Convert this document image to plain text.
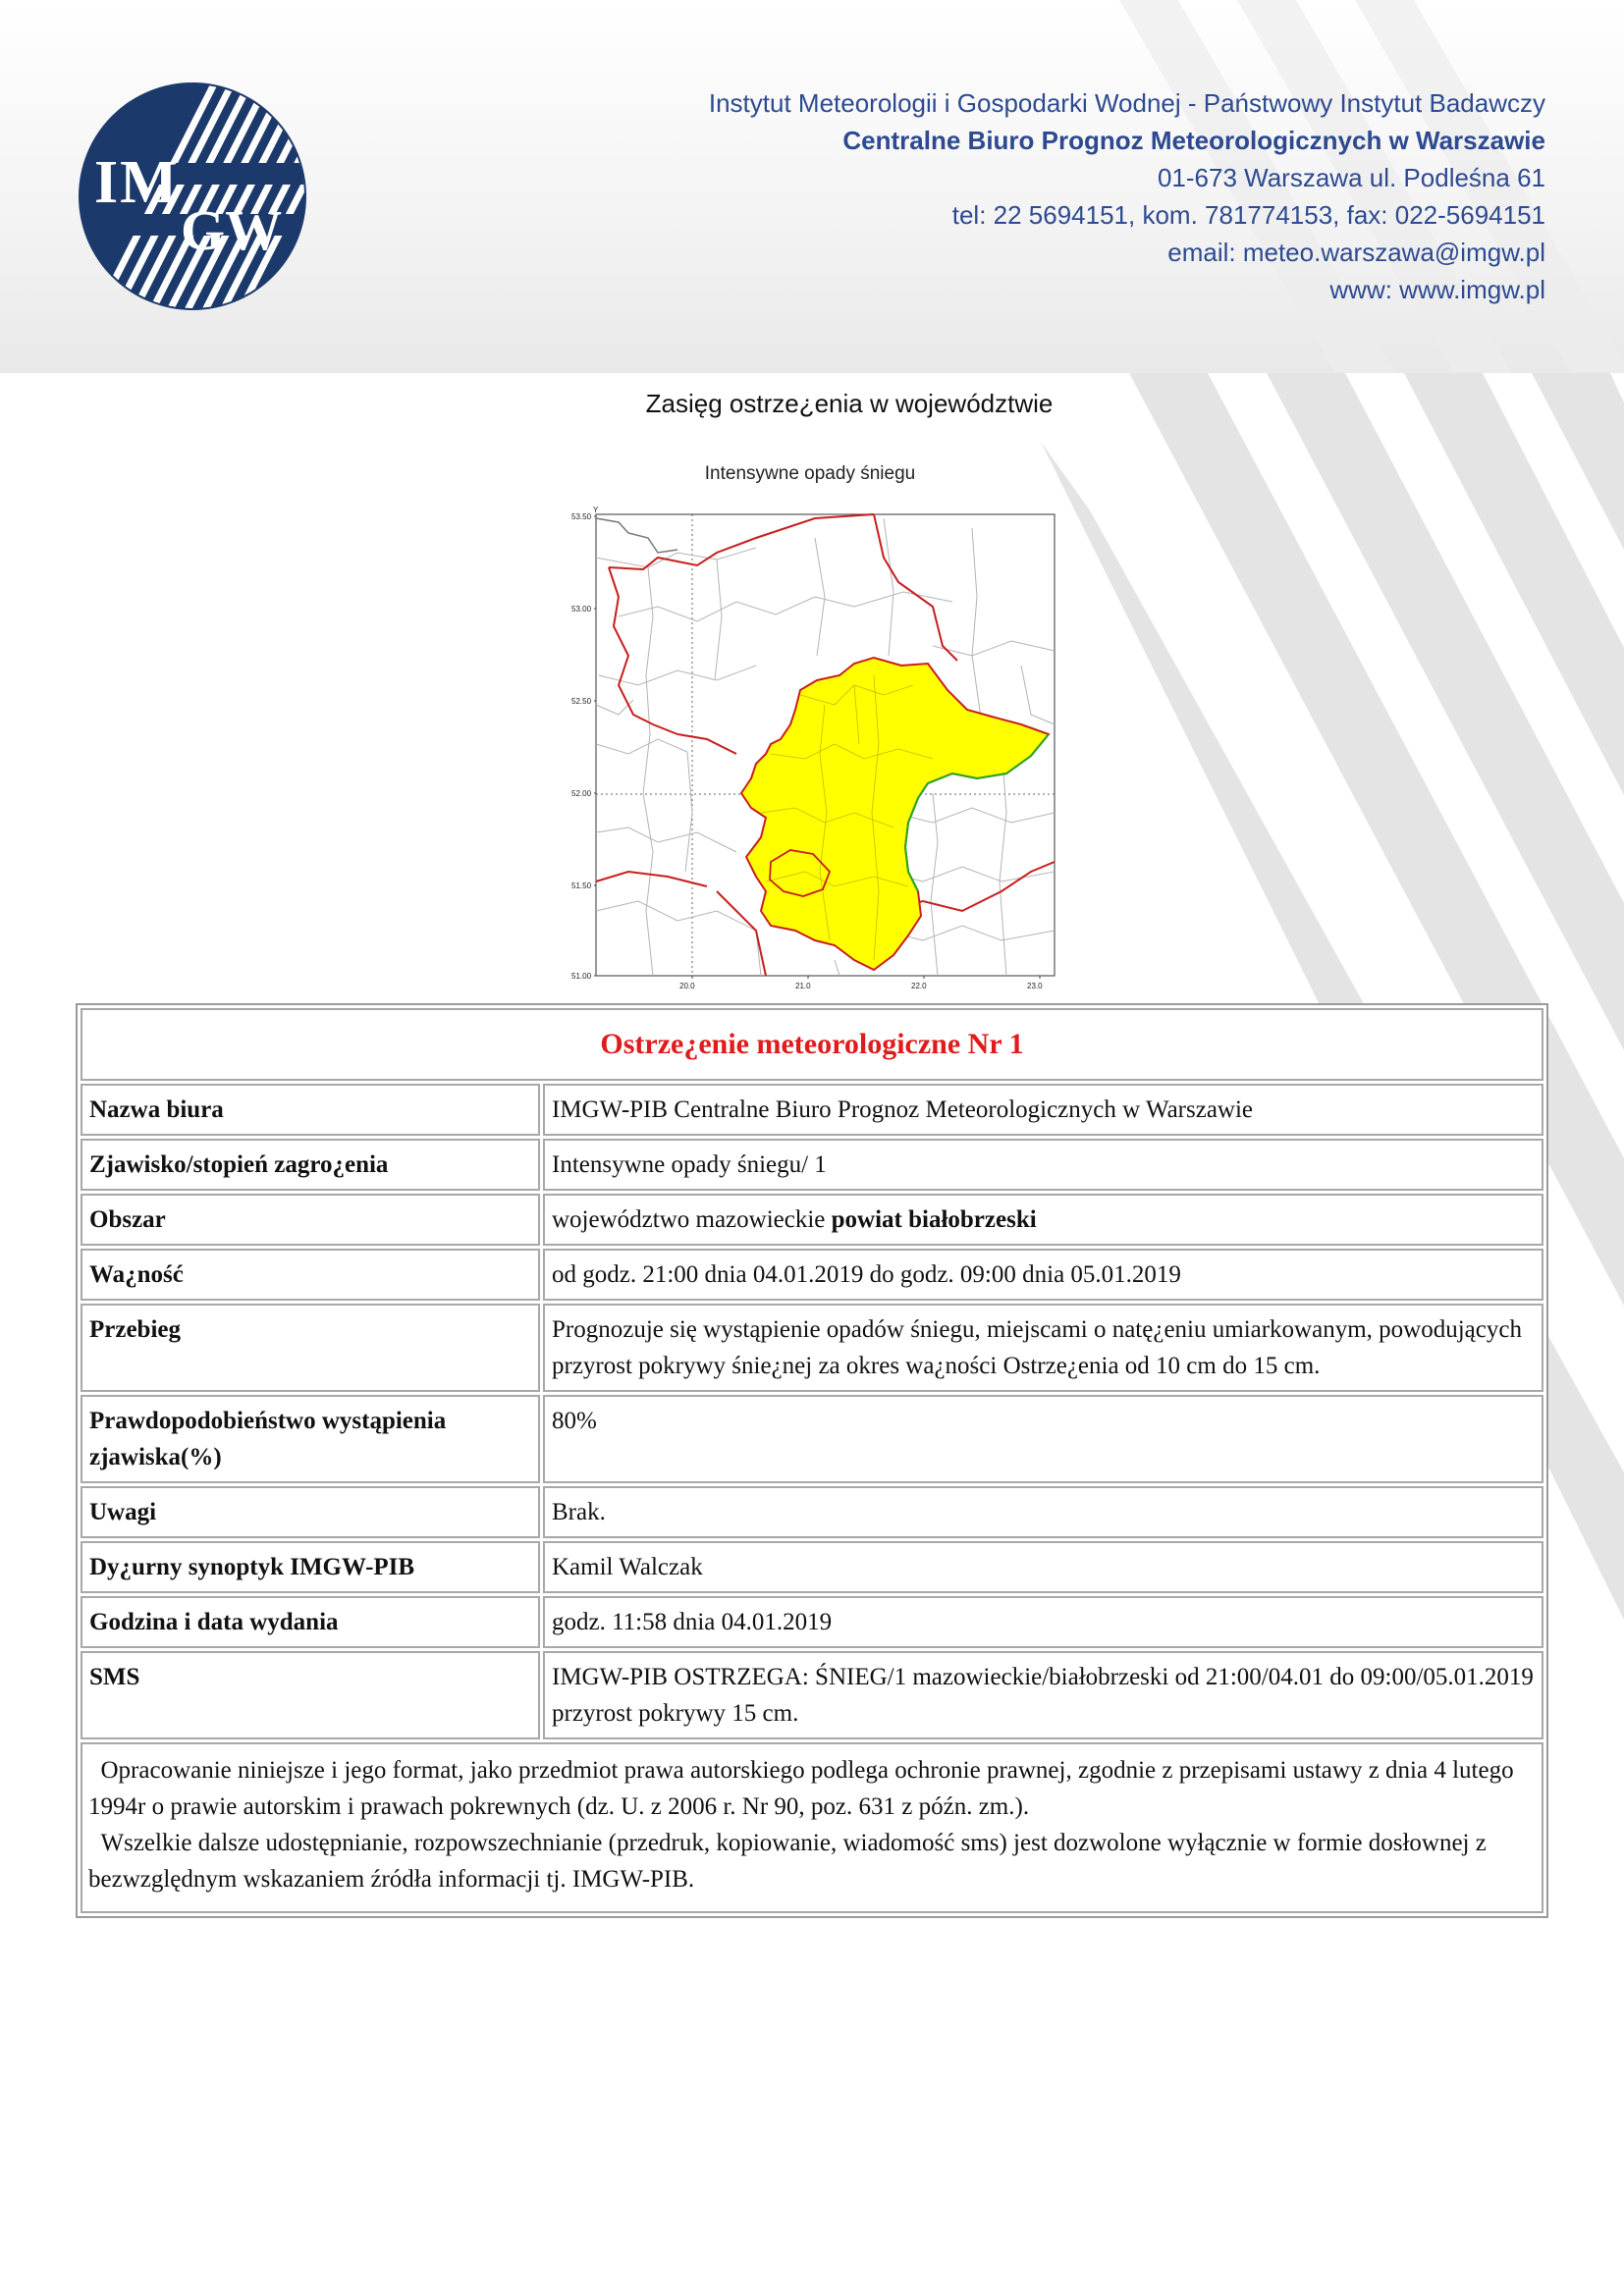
IM
GW
Instytut Meteorologii i Gospodarki Wodnej - Państwowy Instytut Badawczy
Centralne Biuro Prognoz Meteorologicznych w Warszawie
01-673 Warszawa ul. Podleśna 61
tel: 22 5694151, kom. 781774153, fax: 022-5694151
email: meteo.warszawa@imgw.pl
www: www.imgw.pl
Zasięg ostrze¿enia w województwie
Intensywne opady śniegu
Y
53.50
53.00
52.50
52.00
51.50
51.00
20.0	21.0	22.0	23.0
Ostrze¿enie meteorologiczne Nr 1	
Nazwa biura	IMGW-PIB Centralne Biuro Prognoz Meteorologicznych w Warszawie
Zjawisko/stopień zagro¿enia	Intensywne opady śniegu/ 1
Obszar	województwo mazowieckie powiat białobrzeski
Wa¿ność	od godz. 21:00 dnia 04.01.2019 do godz. 09:00 dnia 05.01.2019
Przebieg	Prognozuje się wystąpienie opadów śniegu, miejscami o natę¿eniu umiarkowanym, powodujących przyrost pokrywy śnie¿nej za okres wa¿ności Ostrze¿enia od 10 cm do 15 cm.
Prawdopodobieństwo wystąpienia zjawiska(%)	80%
Uwagi	Brak.
Dy¿urny synoptyk IMGW-PIB	Kamil Walczak
Godzina i data wydania	godz. 11:58 dnia 04.01.2019
SMS	IMGW-PIB OSTRZEGA: ŚNIEG/1 mazowieckie/białobrzeski od 21:00/04.01 do 09:00/05.01.2019 przyrost pokrywy 15 cm.

Opracowanie niniejsze i jego format, jako przedmiot prawa autorskiego podlega ochronie prawnej, zgodnie z przepisami ustawy z dnia 4 lutego 1994r o prawie autorskim i prawach pokrewnych (dz. U. z 2006 r. Nr 90, poz. 631 z późn. zm.).
Wszelkie dalsze udostępnianie, rozpowszechnianie (przedruk, kopiowanie, wiadomość sms) jest dozwolone wyłącznie w formie dosłownej z bezwzględnym wskazaniem źródła informacji tj. IMGW-PIB.	
